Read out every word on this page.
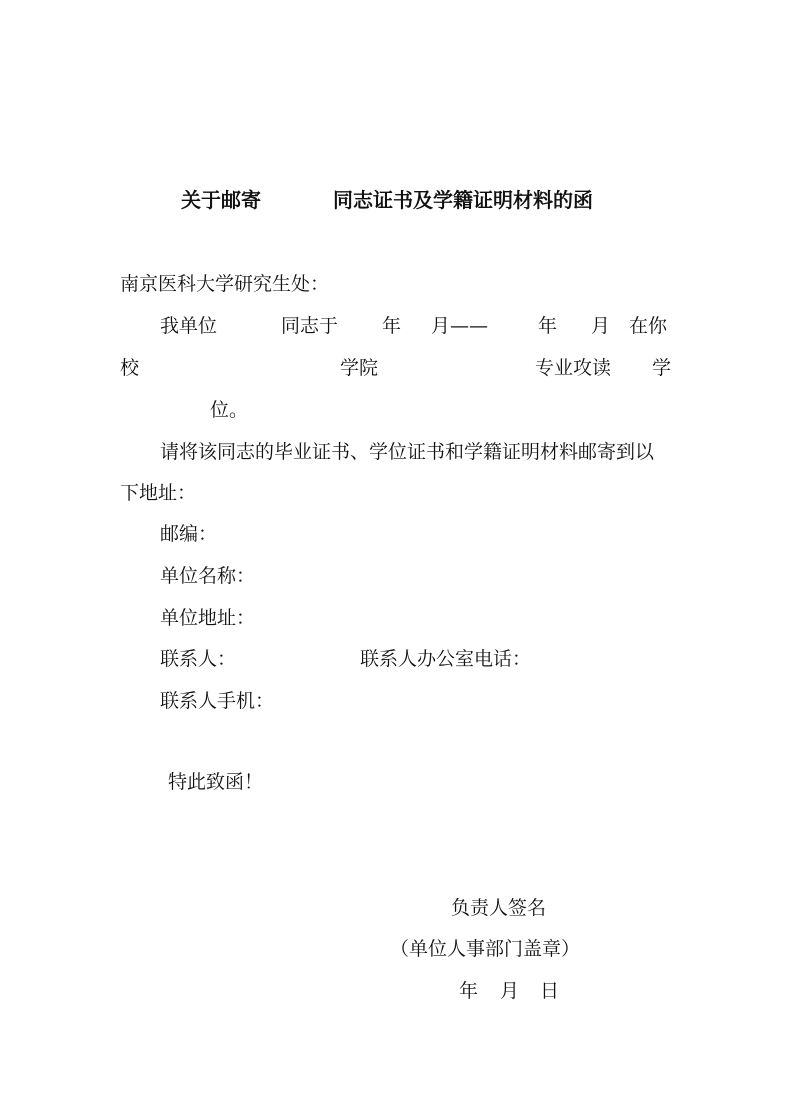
关于邮寄	同志证书及学籍证明材料的函
南京医科大学研究生处：
我单位	同志于 年 月——	年 月 在你
校	学院	专业攻读 学
位。
请将该同志的毕业证书、学位证书和学籍证明材料邮寄到以
下地址：
邮编：
单位名称：
单位地址：
联系人：	联系人办公室电话：
联系人手机：
特此致函！
负责人签名
（单位人事部门盖章）
年 月 日
